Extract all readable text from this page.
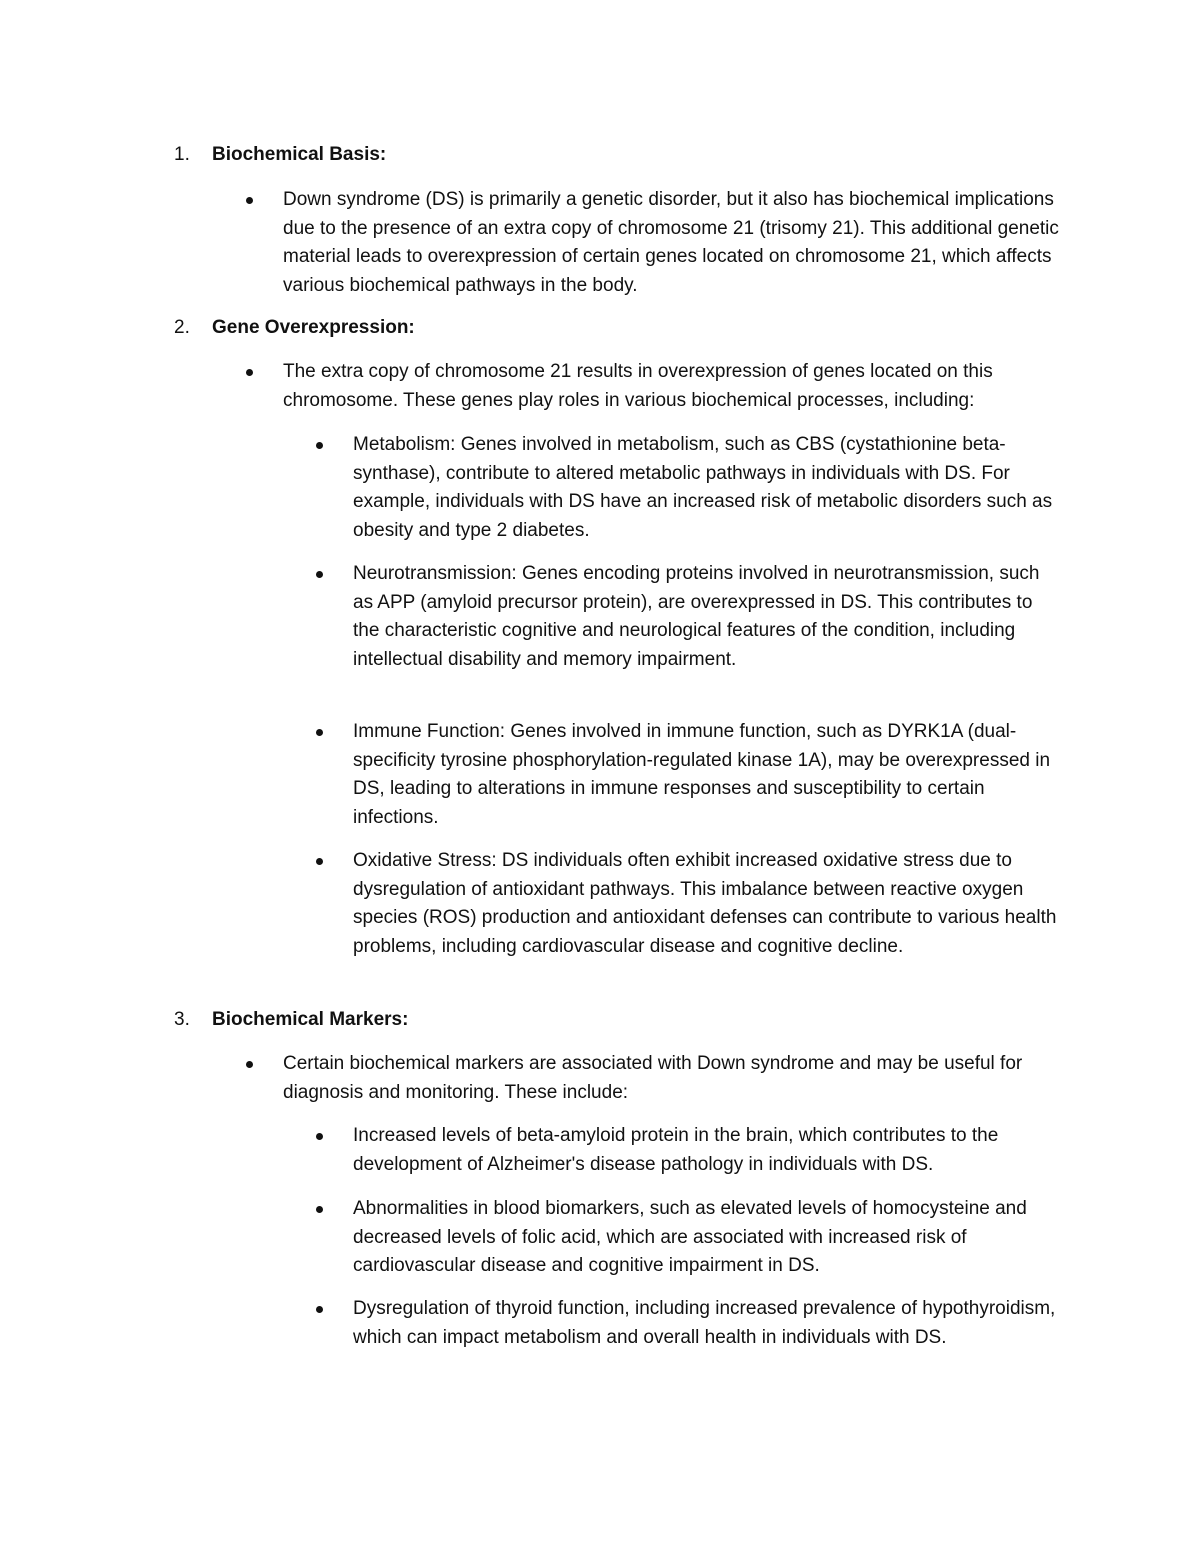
1. Biochemical Basis:
Down syndrome (DS) is primarily a genetic disorder, but it also has biochemical implications due to the presence of an extra copy of chromosome 21 (trisomy 21). This additional genetic material leads to overexpression of certain genes located on chromosome 21, which affects various biochemical pathways in the body.
2. Gene Overexpression:
The extra copy of chromosome 21 results in overexpression of genes located on this chromosome. These genes play roles in various biochemical processes, including:
Metabolism: Genes involved in metabolism, such as CBS (cystathionine beta-synthase), contribute to altered metabolic pathways in individuals with DS. For example, individuals with DS have an increased risk of metabolic disorders such as obesity and type 2 diabetes.
Neurotransmission: Genes encoding proteins involved in neurotransmission, such as APP (amyloid precursor protein), are overexpressed in DS. This contributes to the characteristic cognitive and neurological features of the condition, including intellectual disability and memory impairment.
Immune Function: Genes involved in immune function, such as DYRK1A (dual-specificity tyrosine phosphorylation-regulated kinase 1A), may be overexpressed in DS, leading to alterations in immune responses and susceptibility to certain infections.
Oxidative Stress: DS individuals often exhibit increased oxidative stress due to dysregulation of antioxidant pathways. This imbalance between reactive oxygen species (ROS) production and antioxidant defenses can contribute to various health problems, including cardiovascular disease and cognitive decline.
3. Biochemical Markers:
Certain biochemical markers are associated with Down syndrome and may be useful for diagnosis and monitoring. These include:
Increased levels of beta-amyloid protein in the brain, which contributes to the development of Alzheimer's disease pathology in individuals with DS.
Abnormalities in blood biomarkers, such as elevated levels of homocysteine and decreased levels of folic acid, which are associated with increased risk of cardiovascular disease and cognitive impairment in DS.
Dysregulation of thyroid function, including increased prevalence of hypothyroidism, which can impact metabolism and overall health in individuals with DS.
